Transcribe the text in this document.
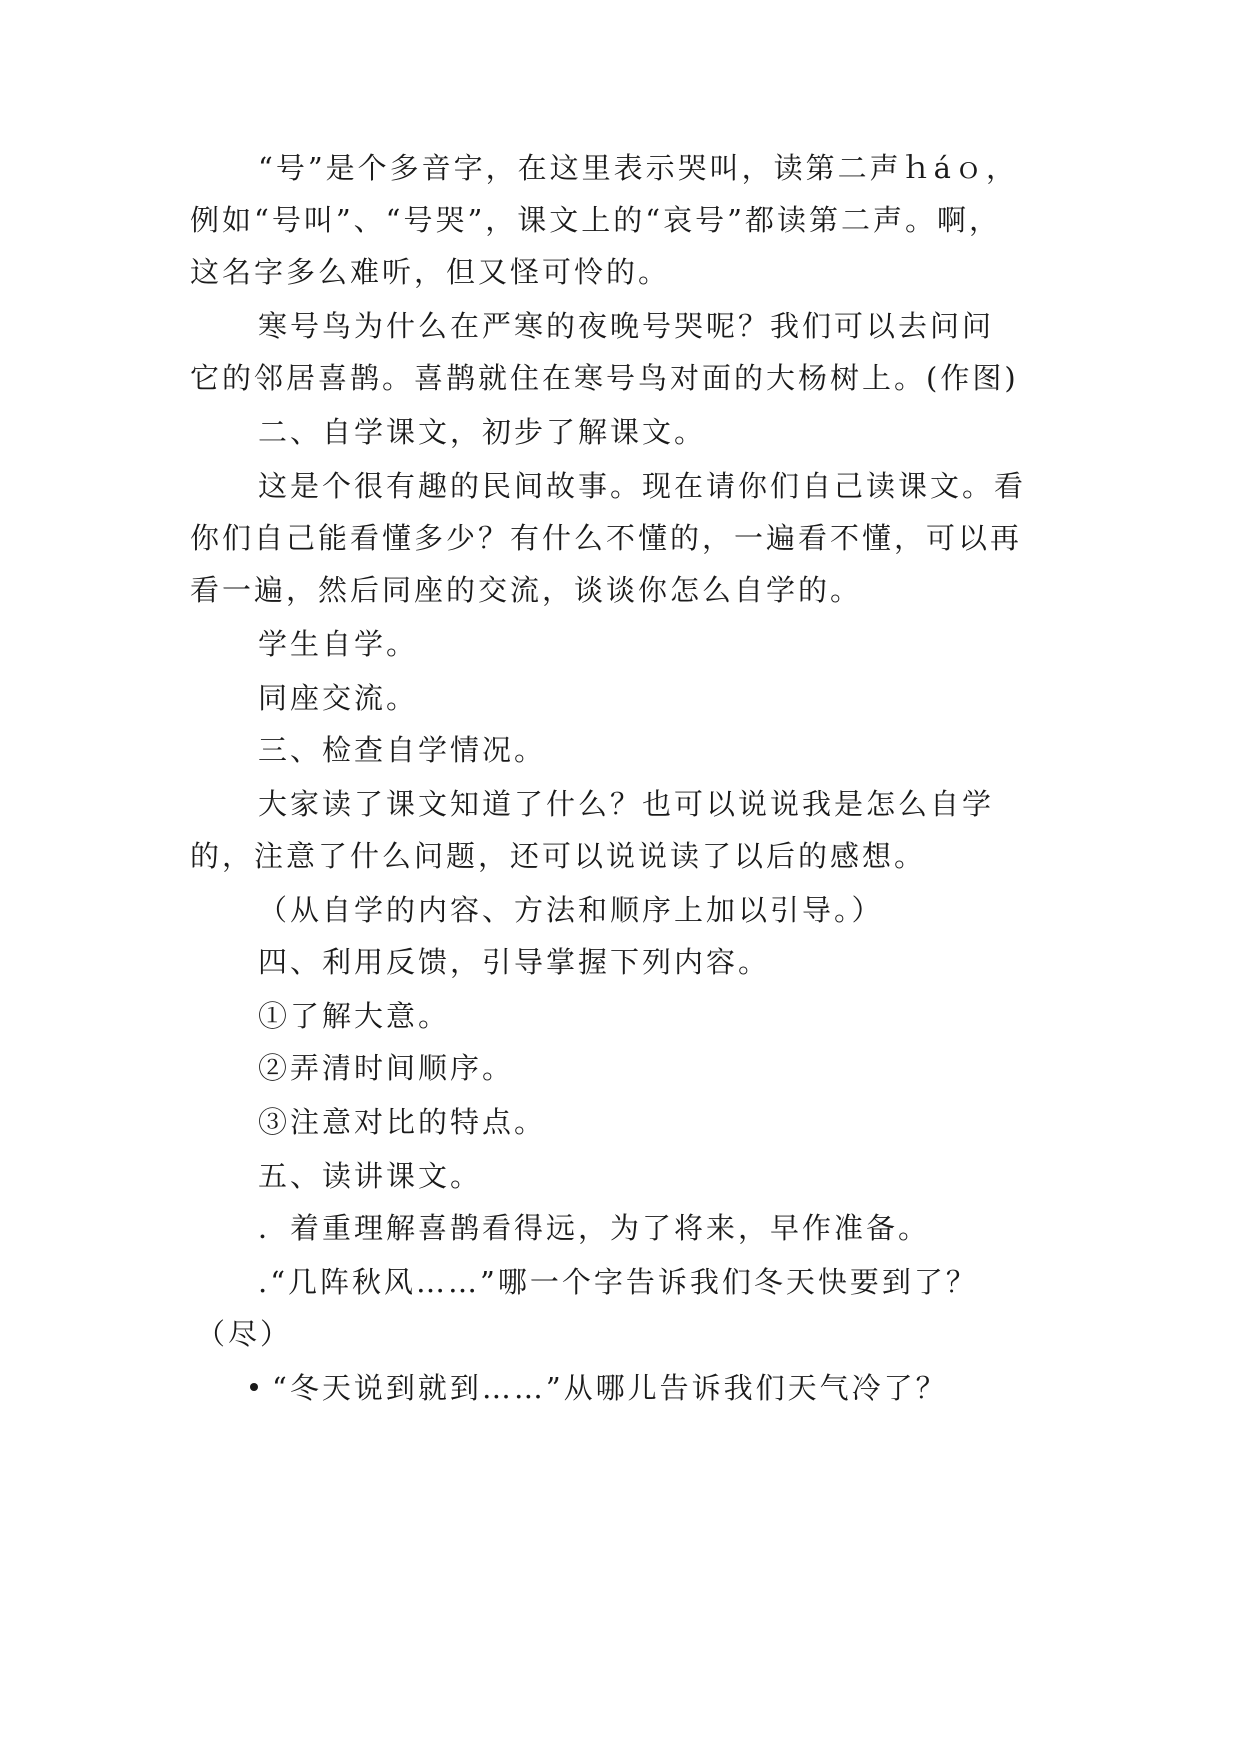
“号”是个多音字，在这里表示哭叫，读第二声ｈáｏ，
例如“号叫”、“号哭”，课文上的“哀号”都读第二声。啊，
这名字多么难听，但又怪可怜的。
寒号鸟为什么在严寒的夜晚号哭呢？我们可以去问问
它的邻居喜鹊。喜鹊就住在寒号鸟对面的大杨树上。(作图)
二、自学课文，初步了解课文。
这是个很有趣的民间故事。现在请你们自己读课文。看
你们自己能看懂多少？有什么不懂的，一遍看不懂，可以再
看一遍，然后同座的交流，谈谈你怎么自学的。
学生自学。
同座交流。
三、检查自学情况。
大家读了课文知道了什么？也可以说说我是怎么自学
的，注意了什么问题，还可以说说读了以后的感想。
（从自学的内容、方法和顺序上加以引导。）
四、利用反馈，引导掌握下列内容。
①了解大意。
②弄清时间顺序。
③注意对比的特点。
五、读讲课文。
．着重理解喜鹊看得远，为了将来，早作准备。
.“几阵秋风……”哪一个字告诉我们冬天快要到了？
（尽）
“冬天说到就到……”从哪儿告诉我们天气冷了？
